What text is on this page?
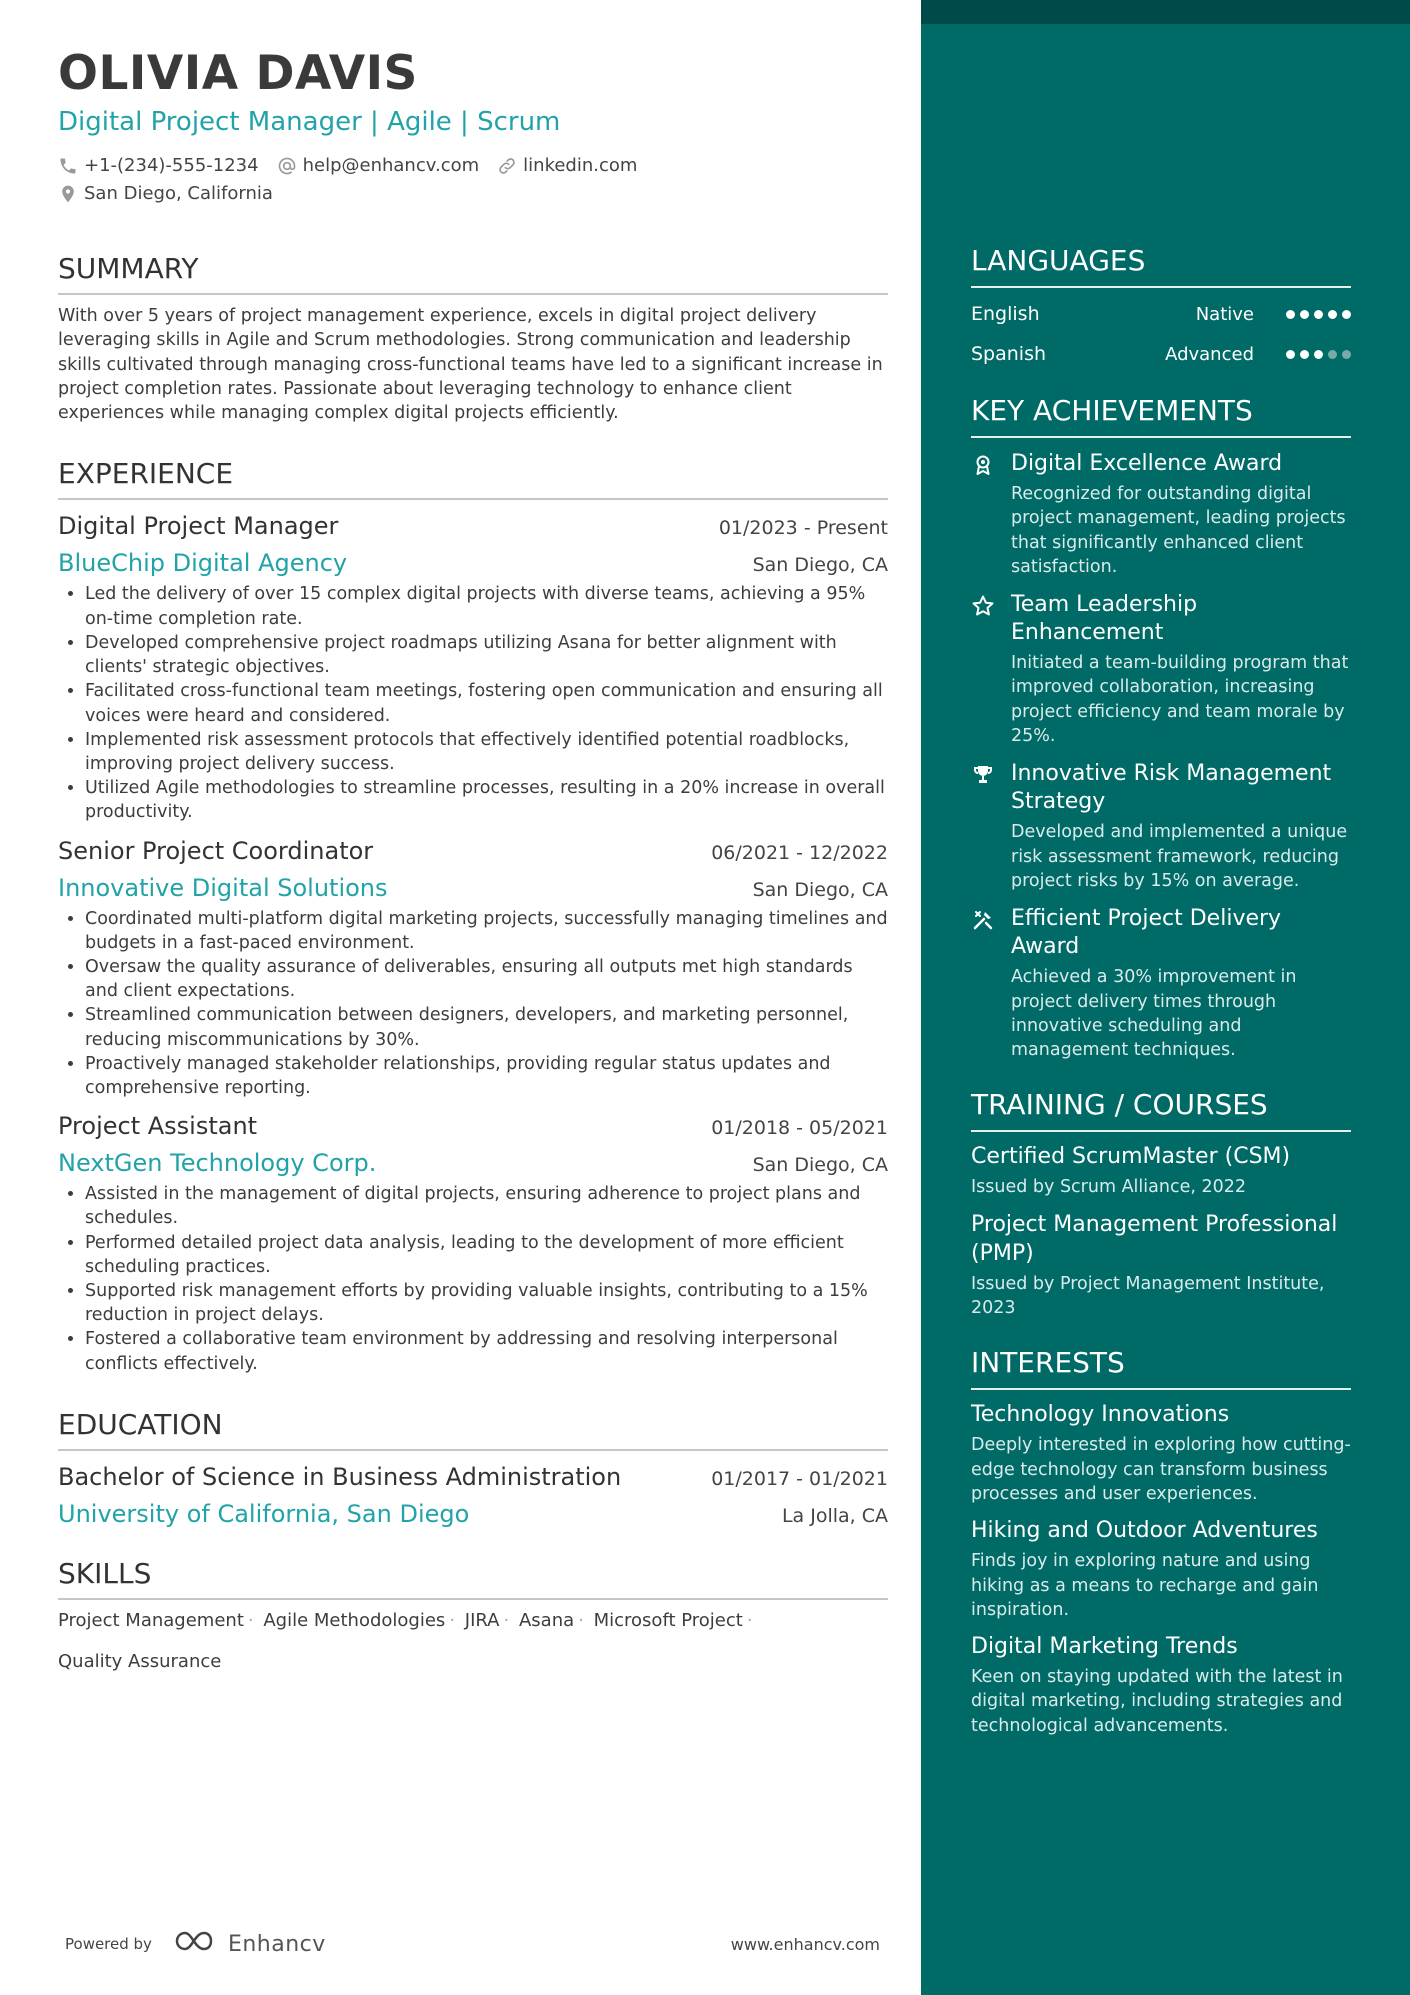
OLIVIA DAVIS
Digital Project Manager | Agile | Scrum
+1-(234)-555-1234 help@enhancv.com linkedin.com
San Diego, California
SUMMARY
With over 5 years of project management experience, excels in digital project delivery leveraging skills in Agile and Scrum methodologies. Strong communication and leadership skills cultivated through managing cross-functional teams have led to a significant increase in project completion rates. Passionate about leveraging technology to enhance client experiences while managing complex digital projects efficiently.
EXPERIENCE
Digital Project Manager	01/2023 - Present
BlueChip Digital Agency	San Diego, CA
• Led the delivery of over 15 complex digital projects with diverse teams, achieving a 95% on-time completion rate.
• Developed comprehensive project roadmaps utilizing Asana for better alignment with clients' strategic objectives.
• Facilitated cross-functional team meetings, fostering open communication and ensuring all voices were heard and considered.
• Implemented risk assessment protocols that effectively identified potential roadblocks, improving project delivery success.
• Utilized Agile methodologies to streamline processes, resulting in a 20% increase in overall productivity.
Senior Project Coordinator	06/2021 - 12/2022
Innovative Digital Solutions	San Diego, CA
• Coordinated multi-platform digital marketing projects, successfully managing timelines and budgets in a fast-paced environment.
• Oversaw the quality assurance of deliverables, ensuring all outputs met high standards and client expectations.
• Streamlined communication between designers, developers, and marketing personnel, reducing miscommunications by 30%.
• Proactively managed stakeholder relationships, providing regular status updates and comprehensive reporting.
Project Assistant	01/2018 - 05/2021
NextGen Technology Corp.	San Diego, CA
• Assisted in the management of digital projects, ensuring adherence to project plans and schedules.
• Performed detailed project data analysis, leading to the development of more efficient scheduling practices.
• Supported risk management efforts by providing valuable insights, contributing to a 15% reduction in project delays.
• Fostered a collaborative team environment by addressing and resolving interpersonal conflicts effectively.
EDUCATION
Bachelor of Science in Business Administration	01/2017 - 01/2021
University of California, San Diego	La Jolla, CA
SKILLS
Project Management · Agile Methodologies · JIRA · Asana · Microsoft Project ·
Quality Assurance
Powered by	Enhancv	www.enhancv.com
LANGUAGES
English	Native
Spanish	Advanced
KEY ACHIEVEMENTS
Digital Excellence Award
Recognized for outstanding digital project management, leading projects that significantly enhanced client satisfaction.
Team Leadership Enhancement
Initiated a team-building program that improved collaboration, increasing project efficiency and team morale by 25%.
Innovative Risk Management Strategy
Developed and implemented a unique risk assessment framework, reducing project risks by 15% on average.
Efficient Project Delivery Award
Achieved a 30% improvement in project delivery times through innovative scheduling and management techniques.
TRAINING / COURSES
Certified ScrumMaster (CSM)
Issued by Scrum Alliance, 2022
Project Management Professional (PMP)
Issued by Project Management Institute, 2023
INTERESTS
Technology Innovations
Deeply interested in exploring how cutting-edge technology can transform business processes and user experiences.
Hiking and Outdoor Adventures
Finds joy in exploring nature and using hiking as a means to recharge and gain inspiration.
Digital Marketing Trends
Keen on staying updated with the latest in digital marketing, including strategies and technological advancements.
